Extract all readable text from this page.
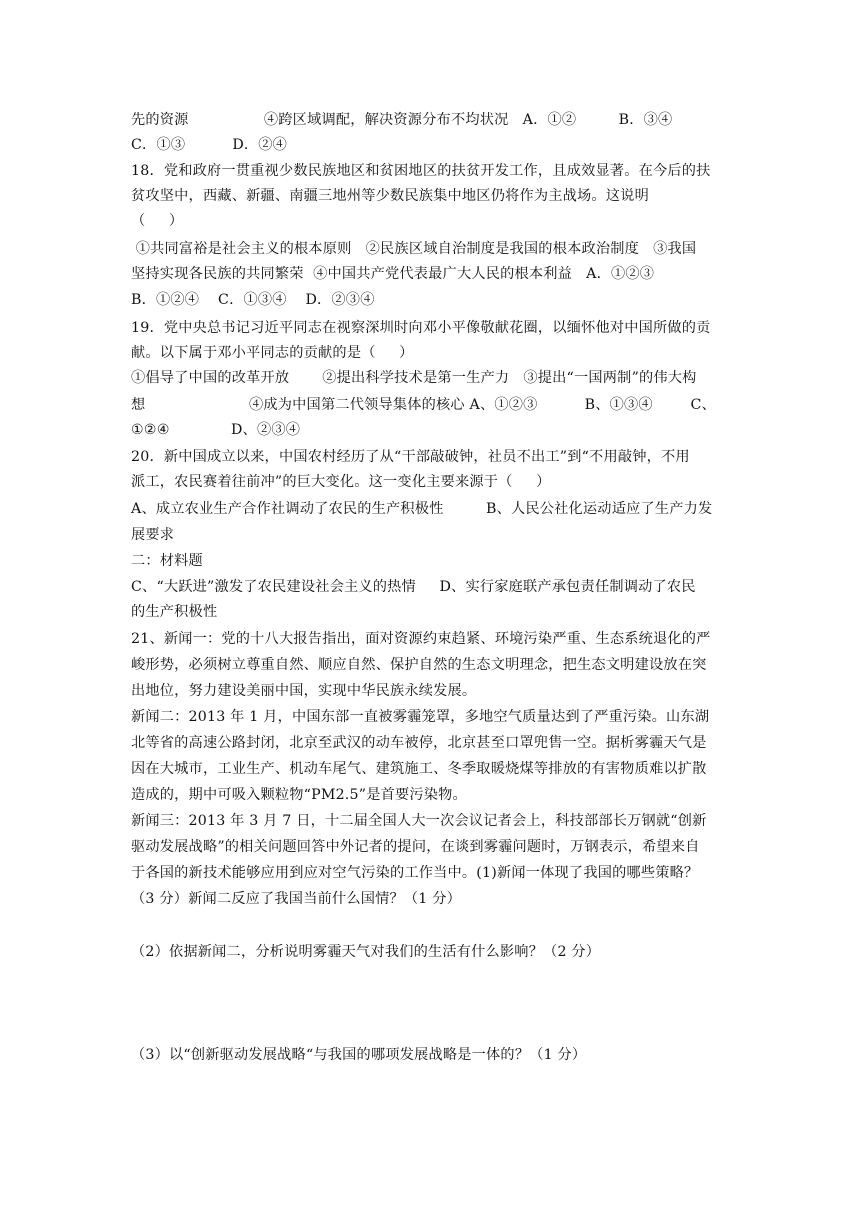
先的资源                ④跨区域调配，解决资源分布不均状况   A．①②         B．③④
C．①③          D．②④
18．党和政府一贯重视少数民族地区和贫困地区的扶贫开发工作，且成效显著。在今后的扶
贫攻坚中，西藏、新疆、南疆三地州等少数民族集中地区仍将作为主战场。这说明
（     ）
①共同富裕是社会主义的根本原则   ②民族区域自治制度是我国的根本政治制度   ③我国
坚持实现各民族的共同繁荣  ④中国共产党代表最广大人民的根本利益   A．①②③
B．①②④    C．①③④    D．②③④
19．党中央总书记习近平同志在视察深圳时向邓小平像敬献花圈，以缅怀他对中国所做的贡
献。以下属于邓小平同志的贡献的是（     ）
①倡导了中国的改革开放       ②提出科学技术是第一生产力   ③提出“一国两制”的伟大构
想                      ④成为中国第二代领导集体的核心 A、①②③          B、①③④        C、
①②④             D、②③④
20．新中国成立以来，中国农村经历了从“干部敲破钟，社员不出工”到“不用敲钟，不用
派工，农民赛着往前冲”的巨大变化。这一变化主要来源于（     ）
A、成立农业生产合作社调动了农民的生产积极性         B、人民公社化运动适应了生产力发
展要求
二：材料题
C、“大跃进”激发了农民建设社会主义的热情     D、实行家庭联产承包责任制调动了农民
的生产积极性
21、新闻一：党的十八大报告指出，面对资源约束趋紧、环境污染严重、生态系统退化的严
峻形势，必须树立尊重自然、顺应自然、保护自然的生态文明理念，把生态文明建设放在突
出地位，努力建设美丽中国，实现中华民族永续发展。
新闻二：2013 年 1 月，中国东部一直被雾霾笼罩，多地空气质量达到了严重污染。山东湖
北等省的高速公路封闭，北京至武汉的动车被停，北京甚至口罩兜售一空。据析雾霾天气是
因在大城市，工业生产、机动车尾气、建筑施工、冬季取暖烧煤等排放的有害物质难以扩散
造成的，期中可吸入颗粒物“PM2.5”是首要污染物。
新闻三：2013 年 3 月 7 日，十二届全国人大一次会议记者会上，科技部部长万钢就“创新
驱动发展战略”的相关问题回答中外记者的提问，在谈到雾霾问题时，万钢表示，希望来自
于各国的新技术能够应用到应对空气污染的工作当中。(1)新闻一体现了我国的哪些策略？
（3 分）新闻二反应了我国当前什么国情？（1 分）
（2）依据新闻二，分析说明雾霾天气对我们的生活有什么影响？（2 分）
（3）以“创新驱动发展战略“与我国的哪项发展战略是一体的？（1 分）
